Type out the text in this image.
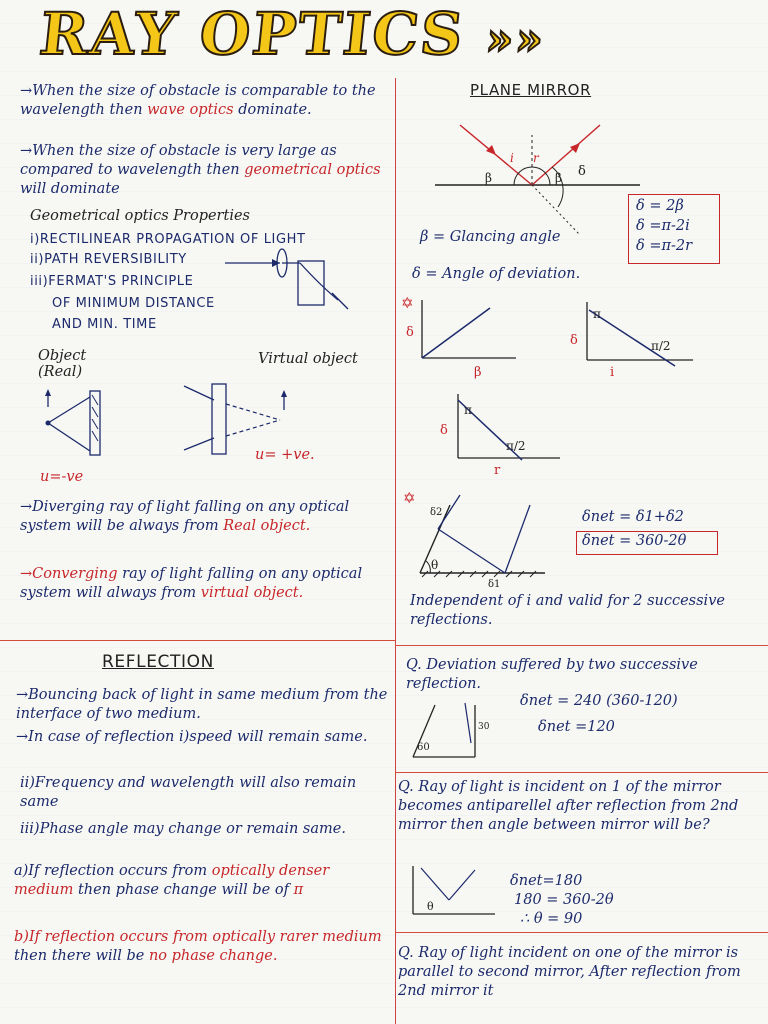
RAY OPTICS »»
→When the size of obstacle is comparable to the wavelength then wave optics dominate.
→When the size of obstacle is very large as compared to wavelength then geometrical optics will dominate
Geometrical optics Properties
i)RECTILINEAR PROPAGATION OF LIGHT
ii)PATH REVERSIBILITY
iii)FERMAT'S PRINCIPLE
OF MINIMUM DISTANCE
AND MIN. TIME
Object
(Real)
Virtual object
u=-ve
u= +ve.
→Diverging ray of light falling on any optical system will be always from Real object.
→Converging ray of light falling on any optical system will always from virtual object.
REFLECTION
→Bouncing back of light in same medium from the interface of two medium.
→In case of reflection i)speed will remain same.
ii)Frequency and wavelength will also remain same
iii)Phase angle may change or remain same.
a)If reflection occurs from optically denser medium then phase change will be of π
b)If reflection occurs from optically rarer medium then there will be no phase change.
PLANE MIRROR
i r
β	β δ
δ = 2β
δ =π-2i
δ =π-2r
β = Glancing angle
δ = Angle of deviation.
✡
δ
β
π
π/2
δ
i
π
π/2
δ
r
✡
θ
δ2
δ1
δnet = δ1+δ2
δnet = 360-2θ
Independent of i and valid for 2 successive reflections.
Q. Deviation suffered by two successive reflection.
60
30
δnet = 240 (360-120)
δnet =120
Q. Ray of light is incident on 1 of the mirror becomes antiparellel after reflection from 2nd mirror then angle between mirror will be?
θ
δnet=180
180 = 360-2θ
∴ θ = 90
Q. Ray of light incident on one of the mirror is parallel to second mirror, After reflection from 2nd mirror it
